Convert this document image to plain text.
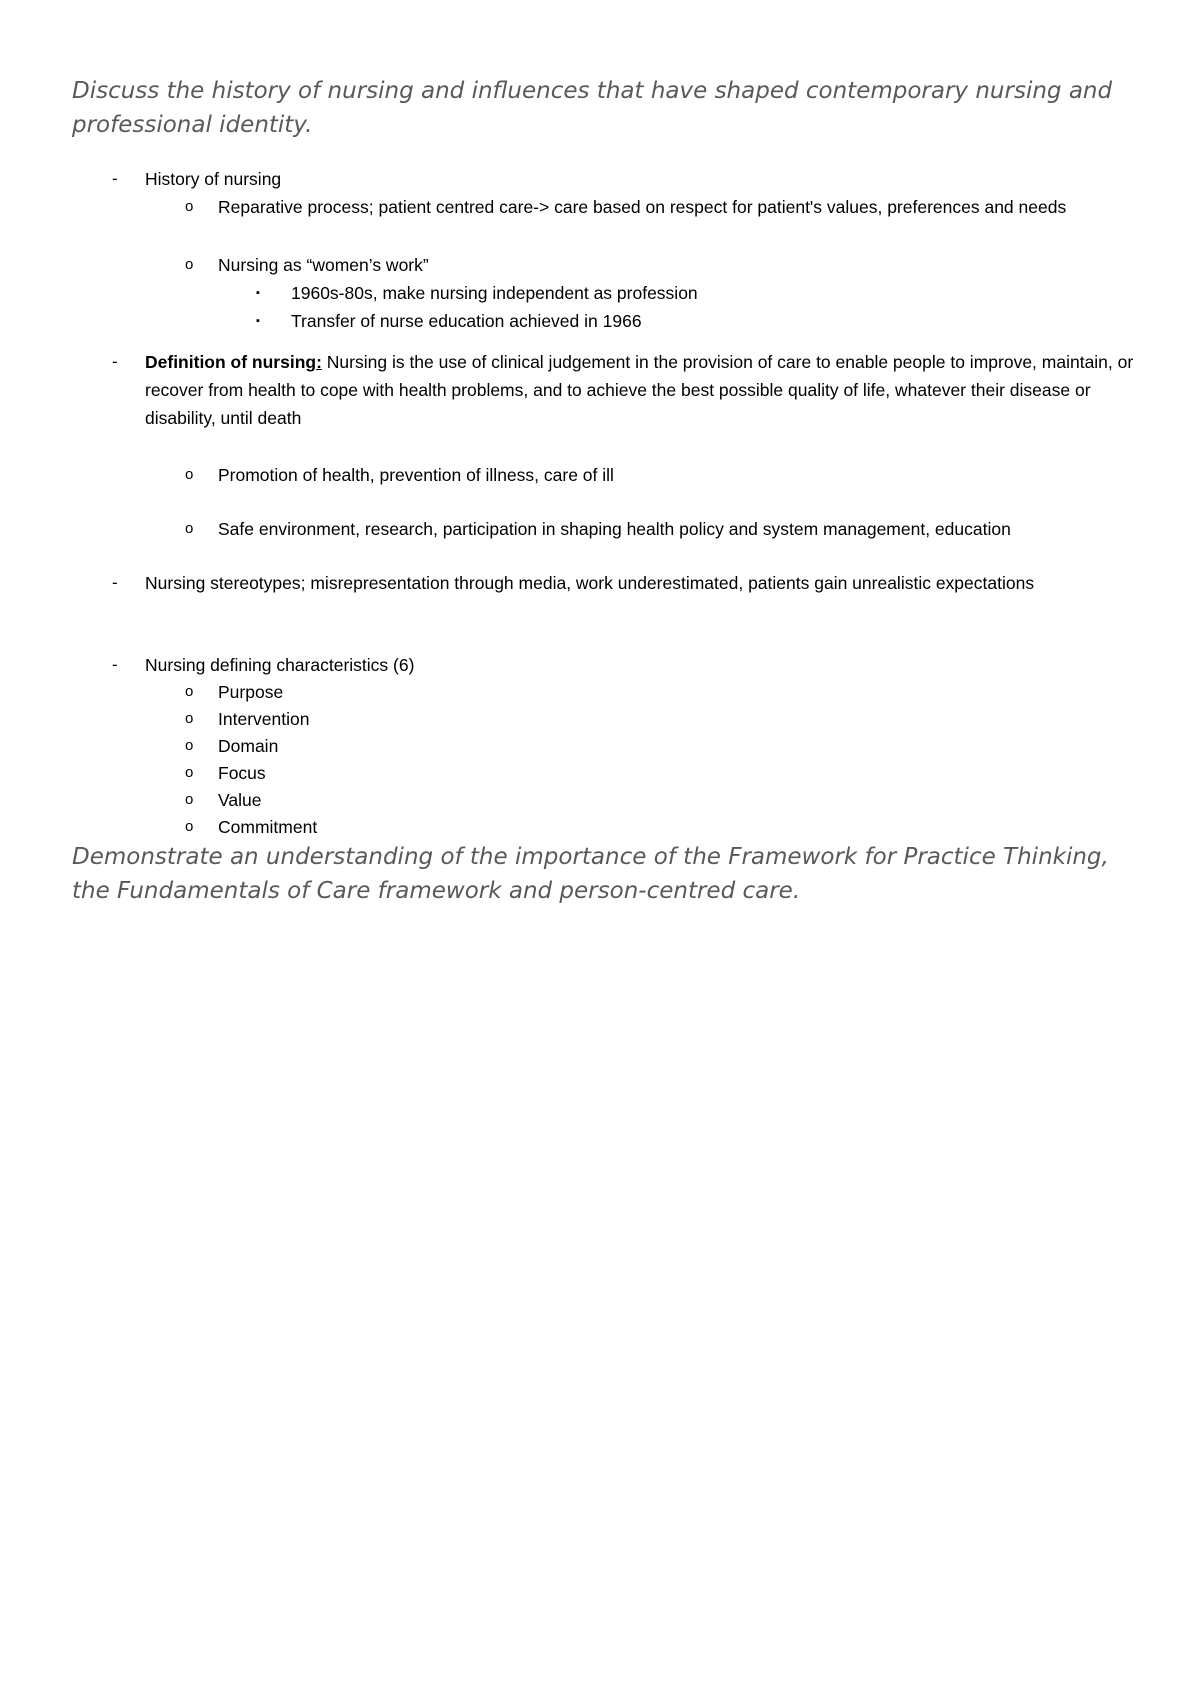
Discuss the history of nursing and influences that have shaped contemporary nursing and professional identity.
- History of nursing
o Reparative process; patient centred care-> care based on respect for patient's values, preferences and needs
o Nursing as “women’s work”
▪ 1960s-80s, make nursing independent as profession
▪ Transfer of nurse education achieved in 1966
- Definition of nursing: Nursing is the use of clinical judgement in the provision of care to enable people to improve, maintain, or recover from health to cope with health problems, and to achieve the best possible quality of life, whatever their disease or disability, until death
o Promotion of health, prevention of illness, care of ill
o Safe environment, research, participation in shaping health policy and system management, education
- Nursing stereotypes; misrepresentation through media, work underestimated, patients gain unrealistic expectations
- Nursing defining characteristics (6)
o Purpose
o Intervention
o Domain
o Focus
o Value
o Commitment
Demonstrate an understanding of the importance of the Framework for Practice Thinking, the Fundamentals of Care framework and person-centred care.
